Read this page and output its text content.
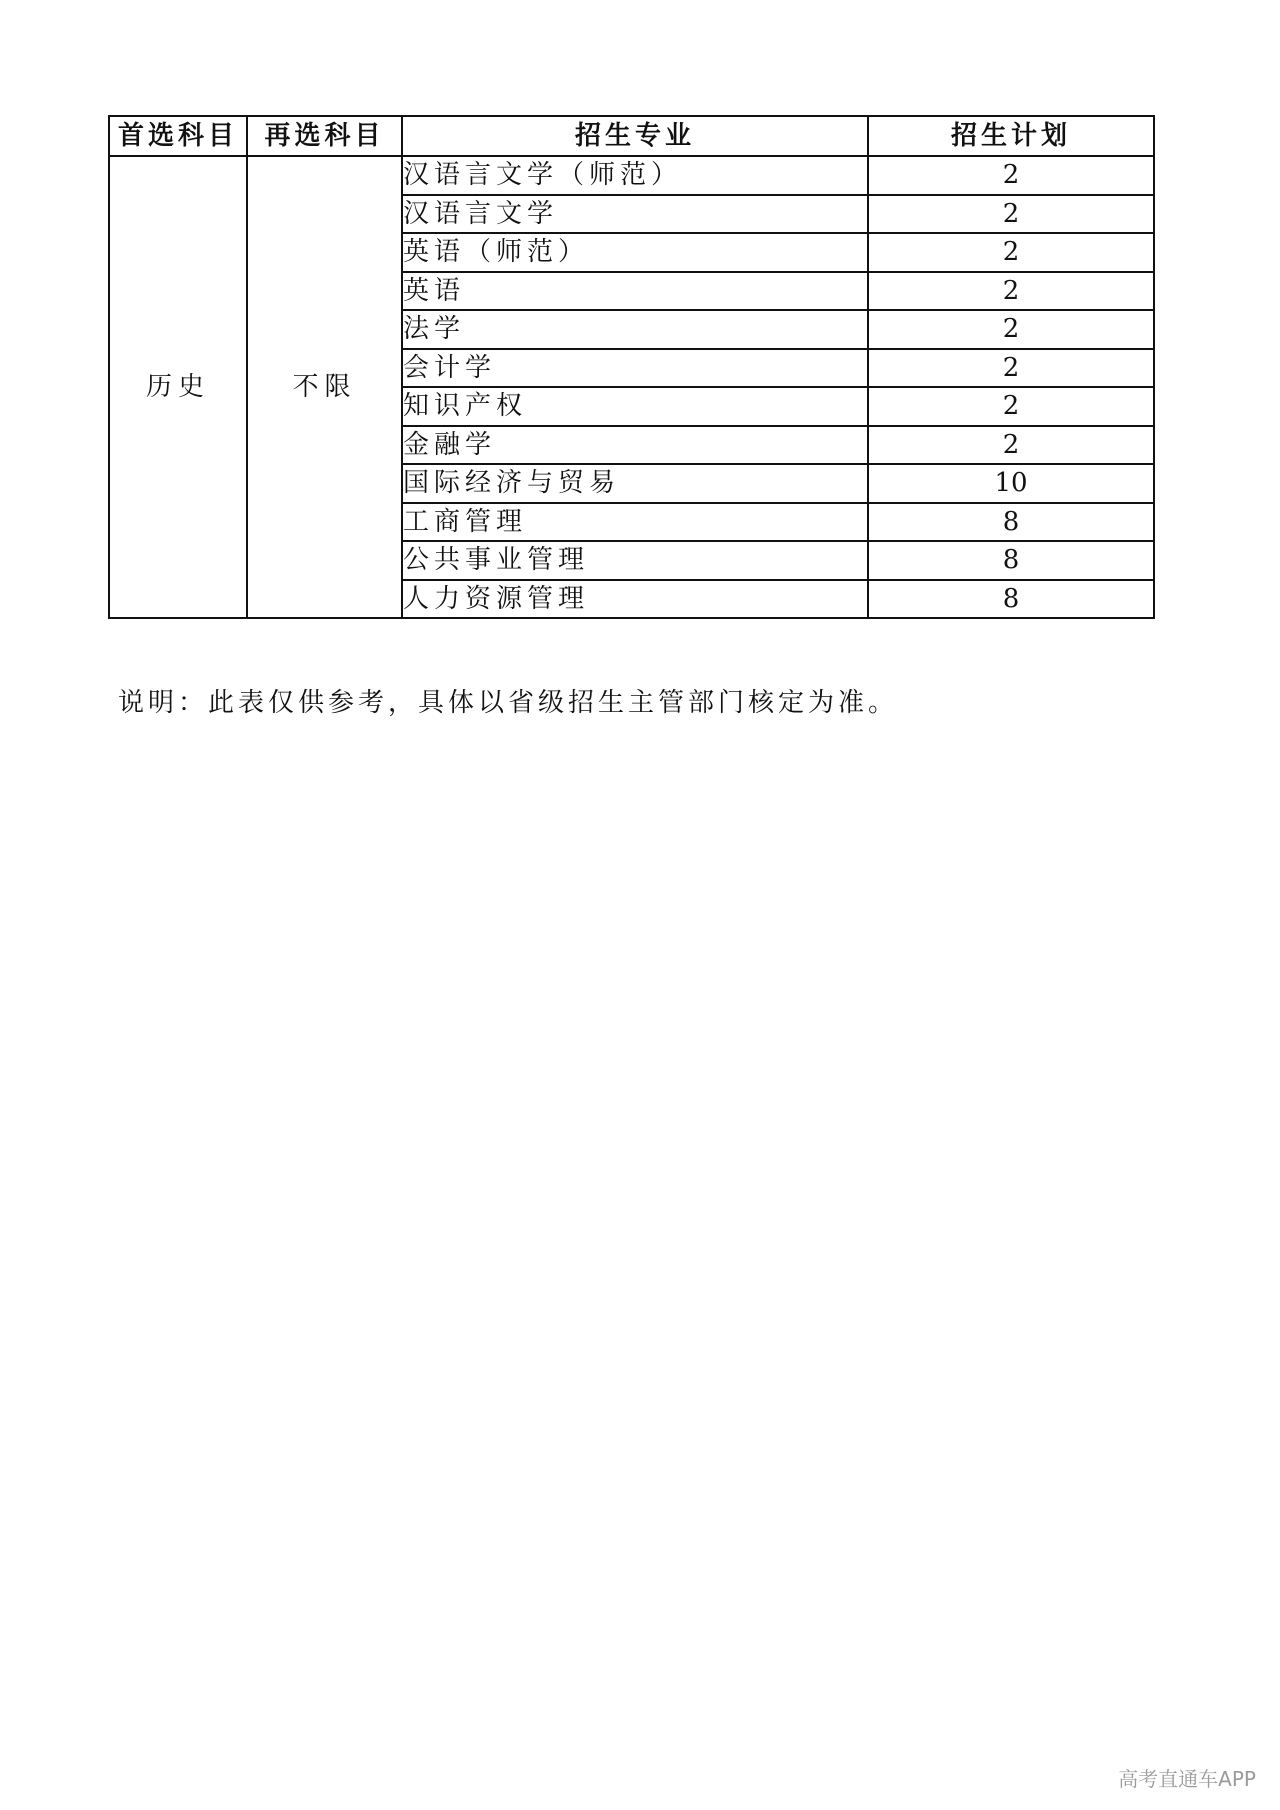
首选科目	再选科目	招生专业	招生计划
历史	不限	汉语言文学（师范）	2
		汉语言文学	2
		英语（师范）	2
		英语	2
		法学	2
		会计学	2
		知识产权	2
		金融学	2
		国际经济与贸易	10
		工商管理	8
		公共事业管理	8
		人力资源管理	8
说明：此表仅供参考，具体以省级招生主管部门核定为准。
高考直通车APP
